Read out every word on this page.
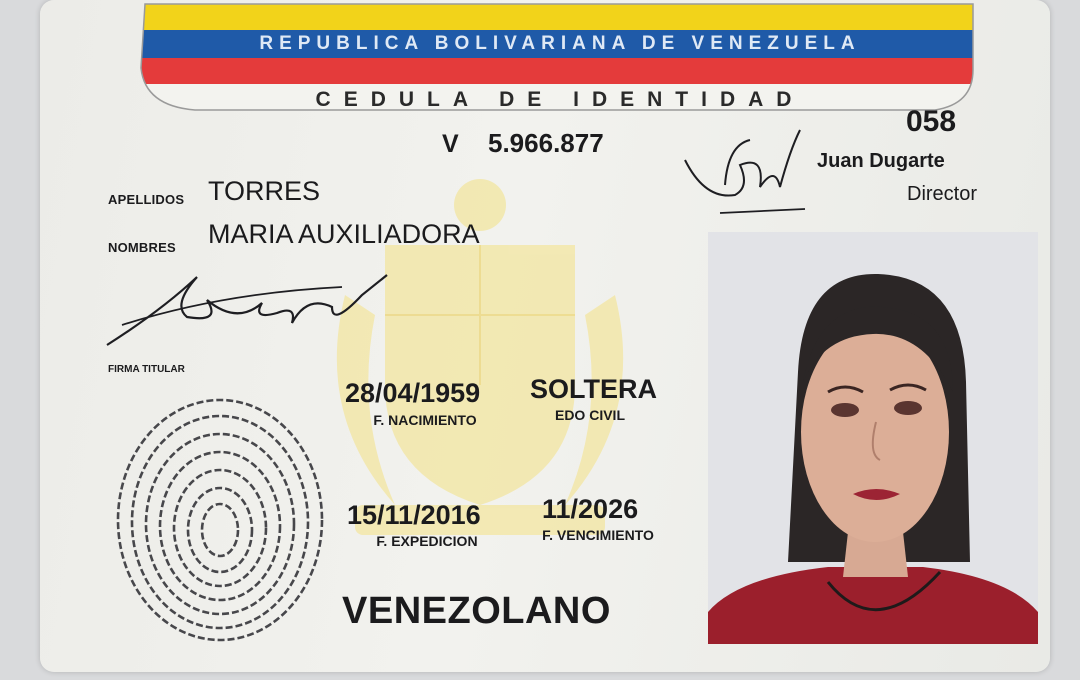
REPUBLICA BOLIVARIANA DE VENEZUELA
CEDULA DE IDENTIDAD
V 5.966.877
058
Juan Dugarte
Director
APELLIDOS TORRES
NOMBRES MARIA AUXILIADORA
FIRMA TITULAR
28/04/1959
F. NACIMIENTO
SOLTERA
EDO CIVIL
15/11/2016
F. EXPEDICION
11/2026
F. VENCIMIENTO
VENEZOLANO
